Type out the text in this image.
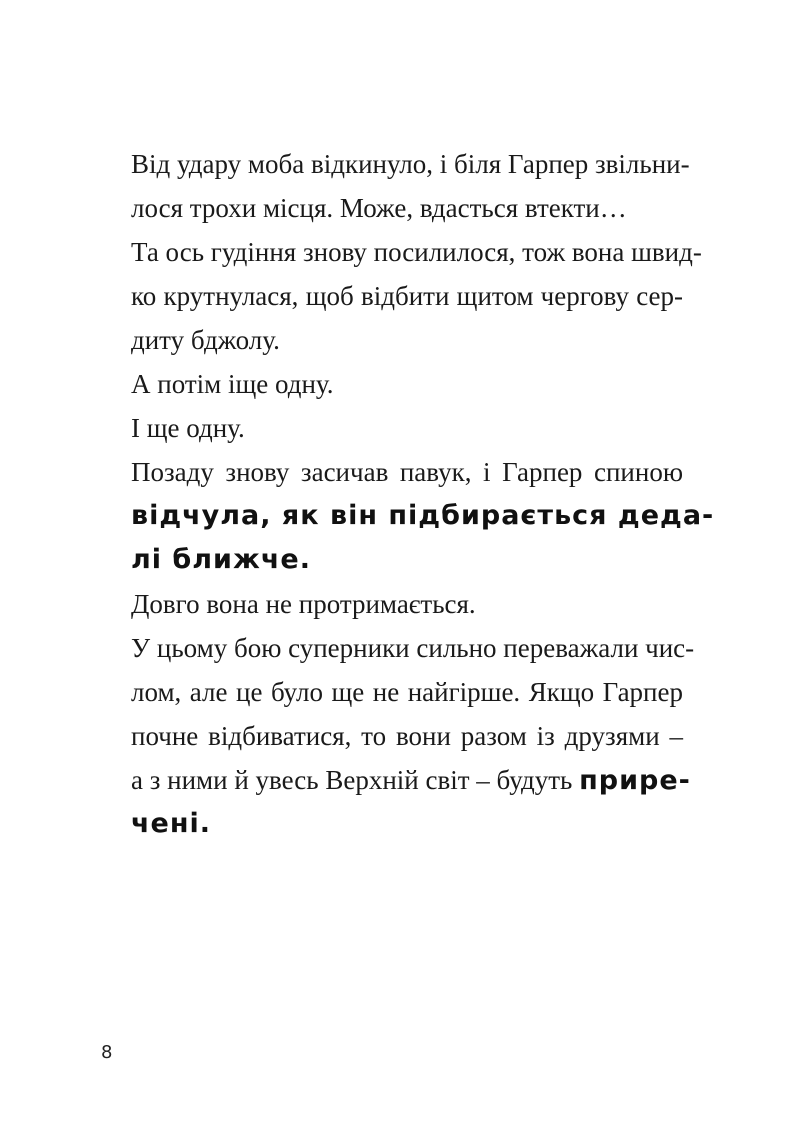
Від удару моба відкинуло, і біля Гарпер звільни-
лося трохи місця. Може, вдасться втекти…
Та ось гудіння знову посилилося, тож вона швид-
ко крутнулася, щоб відбити щитом чергову сер-
диту бджолу.
А потім іще одну.
І ще одну.
Позаду знову засичав павук, і Гарпер спиною
відчула, як він підбирається деда-
лі ближче.
Довго вона не протримається.
У цьому бою суперники сильно переважали чис-
лом, але це було ще не найгірше. Якщо Гарпер
почне відбиватися, то вони разом із друзями –
а з ними й увесь Верхній світ – будуть прире-
чені.
8
